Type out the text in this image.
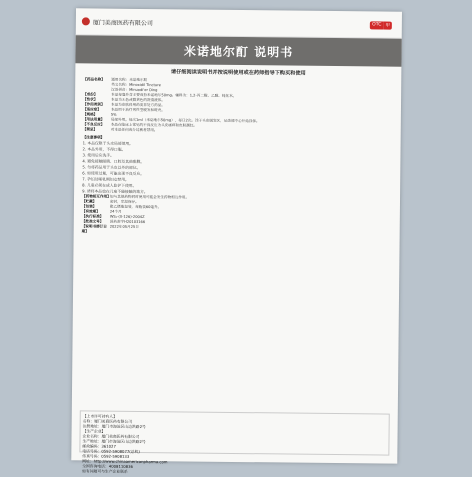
厦门美商医药有限公司	OTC 甲
米诺地尔酊 说明书
请仔细阅读说明书并按说明使用或在药师指导下购买和使用
【药品名称】	通用名称：米诺地尔酊
英文名称：Minoxidil Tincture
汉语拼音：Minuodi'er Ding
【成份】	本品每毫升含主要成份米诺地尔50mg。辅料为：1,2-丙二醇、乙醇、纯化水。
【性状】	本品为无色或微黄色的澄清液体。
【作用类别】	本品为皮肤科用药类非处方药品。
【适应症】	本品用于治疗男性型脱发和斑秃。
【规格】	5%
【用法用量】	局部外用。每次1ml（米诺地尔50mg），每日2次。涂于头皮脱发区，从患部中心开始涂抹。
【不良反应】	本品在临床上常见的不良反应为头皮瘙痒和皮肤潮红。
【禁忌】	对本品任何成分过敏者禁用。
【注意事项】
1. 本品仅限于头皮局部使用。
2. 本品外用，不得口服。
3. 使用后应洗手。
4. 避免接触眼睛、口腔及其他黏膜。
5. 勿将药品用于头皮以外的部位。
6. 如使用过量，可能出现不良反应。
7. 孕妇及哺乳期妇女禁用。
8. 儿童必须在成人监护下使用。
9. 请将本品放在儿童不能接触的地方。
【药物相互作用】 如与其他药物同时使用可能会发生药物相互作用。
【贮藏】	密封，室温保存。
【包装】	聚乙烯瓶包装，每瓶装60毫升。
【有效期】	24个月
【执行标准】	WS₁-(X-126)-2004Z
【批准文号】	国药准字H20103166
【说明书修订日期】
2022年05月25日
【上市许可持有人】
名称：厦门美商医药有限公司
注册地址：厦门市海沧区山边洪路2号
【生产企业】
企业名称：厦门美商医药有限公司
生产地址：厦门市海沧区山边洪路2号
邮政编码：361027
电话号码：0592-5908077(总机)
传真号码：0592-5908133
网址：http://www.chinaamericanpharma.com
全国咨询电话：4008110836
如有问题可与生产企业联系
